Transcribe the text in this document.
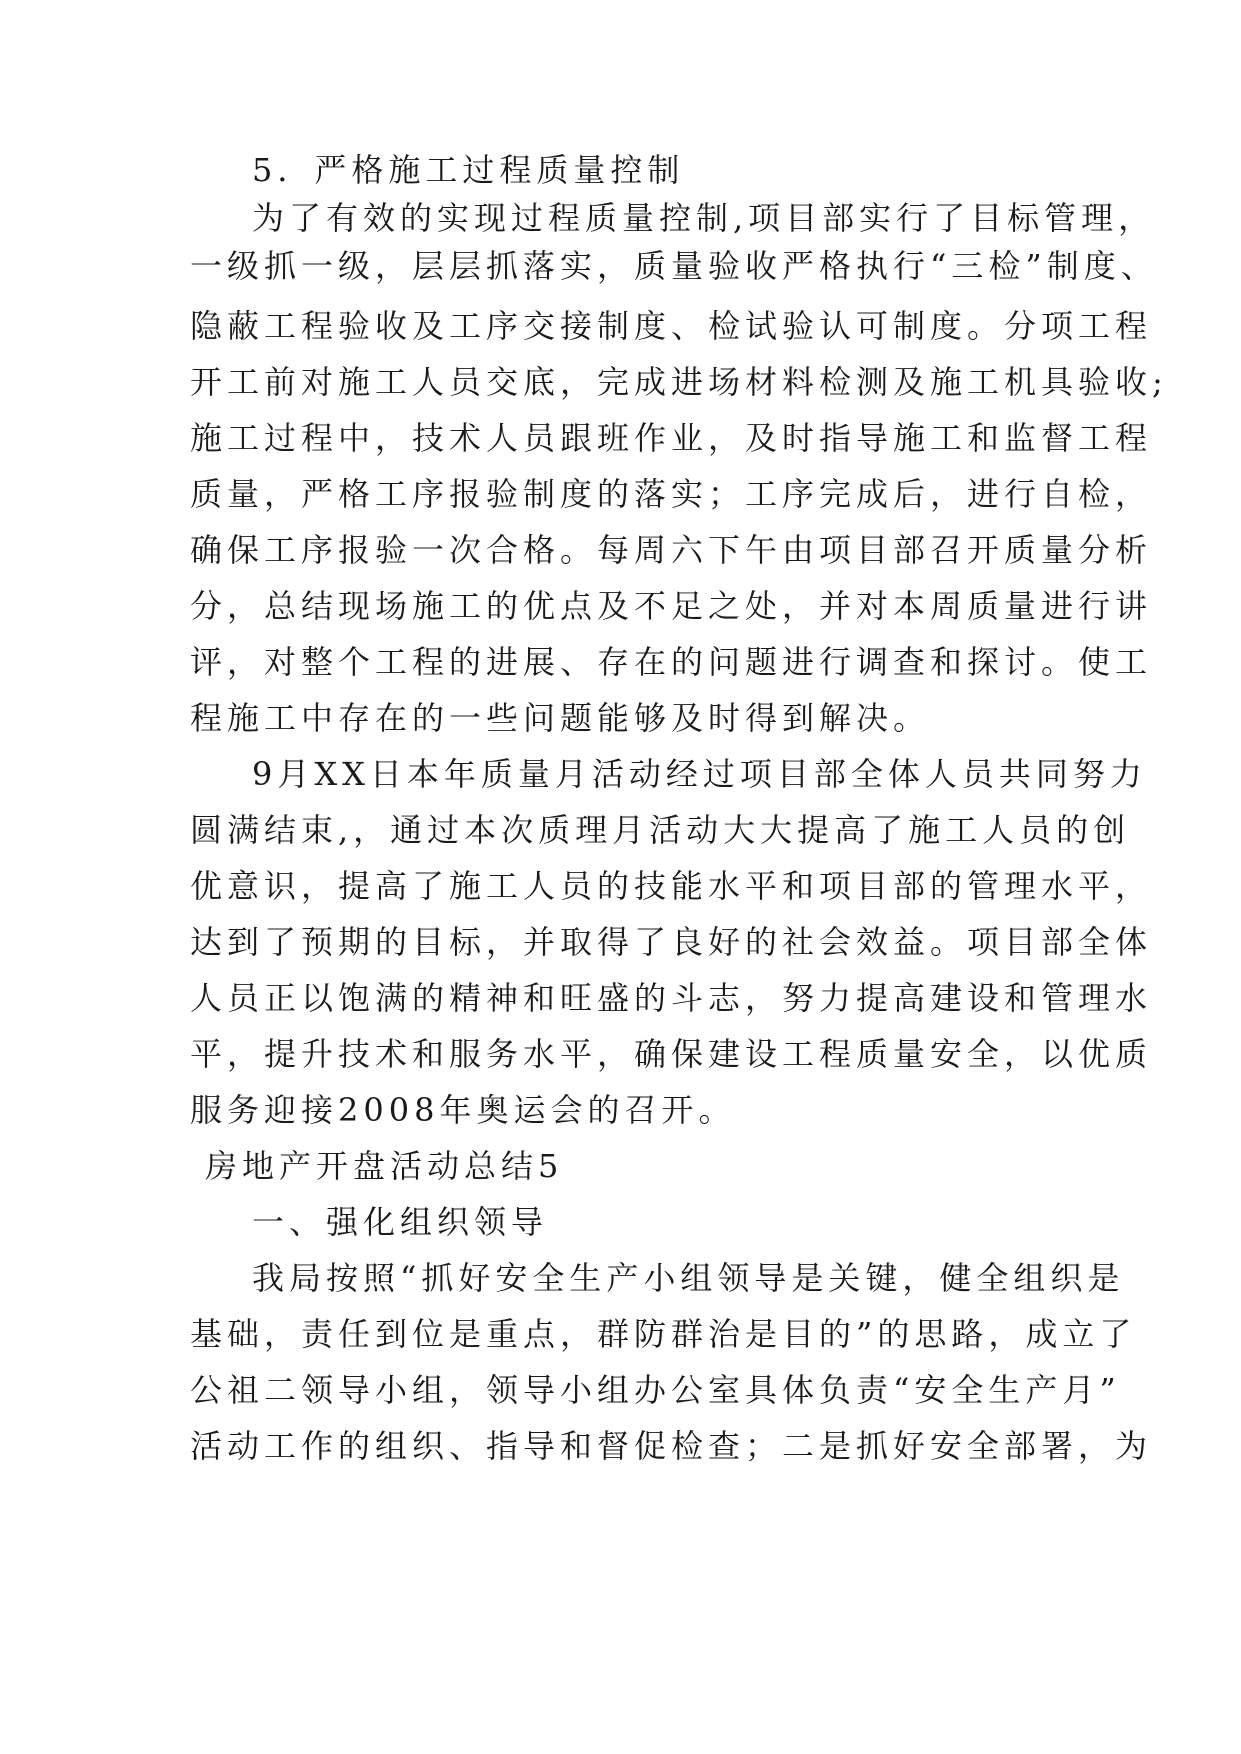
5．严格施工过程质量控制
为了有效的实现过程质量控制,项目部实行了目标管理，
一级抓一级，层层抓落实，质量验收严格执行“三检”制度、
隐蔽工程验收及工序交接制度、检试验认可制度。分项工程
开工前对施工人员交底，完成进场材料检测及施工机具验收;
施工过程中，技术人员跟班作业，及时指导施工和监督工程
质量，严格工序报验制度的落实；工序完成后，进行自检，
确保工序报验一次合格。每周六下午由项目部召开质量分析
分，总结现场施工的优点及不足之处，并对本周质量进行讲
评，对整个工程的进展、存在的问题进行调查和探讨。使工
程施工中存在的一些问题能够及时得到解决。
9月XX日本年质量月活动经过项目部全体人员共同努力
圆满结束,，通过本次质理月活动大大提高了施工人员的创
优意识，提高了施工人员的技能水平和项目部的管理水平，
达到了预期的目标，并取得了良好的社会效益。项目部全体
人员正以饱满的精神和旺盛的斗志，努力提高建设和管理水
平，提升技术和服务水平，确保建设工程质量安全，以优质
服务迎接2008年奥运会的召开。
房地产开盘活动总结5
一、强化组织领导
我局按照“抓好安全生产小组领导是关键，健全组织是
基础，责任到位是重点，群防群治是目的”的思路，成立了
公祖二领导小组，领导小组办公室具体负责“安全生产月”
活动工作的组织、指导和督促检查；二是抓好安全部署，为
